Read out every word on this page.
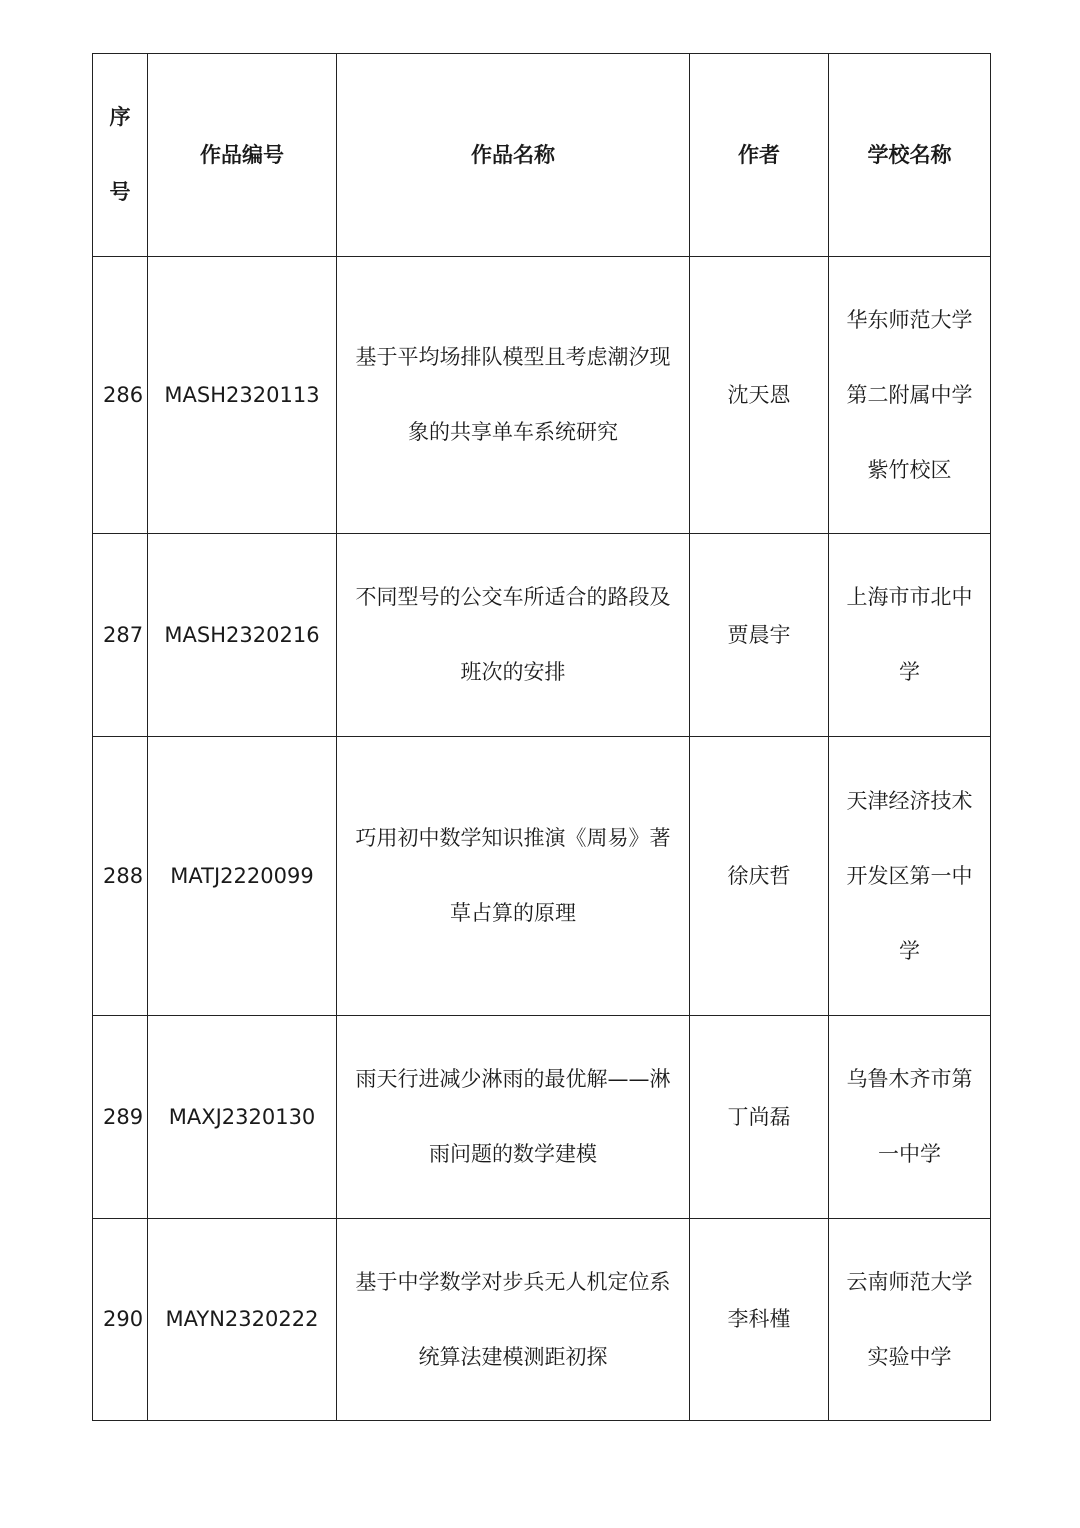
序
号	作品编号	作品名称	作者	学校名称
286	MASH2320113	基于平均场排队模型且考虑潮汐现象的共享单车系统研究	沈天恩	华东师范大学第二附属中学紫竹校区
287	MASH2320216	不同型号的公交车所适合的路段及班次的安排	贾晨宇	上海市市北中学
288	MATJ2220099	巧用初中数学知识推演《周易》著草占算的原理	徐庆哲	天津经济技术开发区第一中学
289	MAXJ2320130	雨天行进减少淋雨的最优解——淋雨问题的数学建模	丁尚磊	乌鲁木齐市第一中学
290	MAYN2320222	基于中学数学对步兵无人机定位系统算法建模测距初探	李科槿	云南师范大学实验中学
